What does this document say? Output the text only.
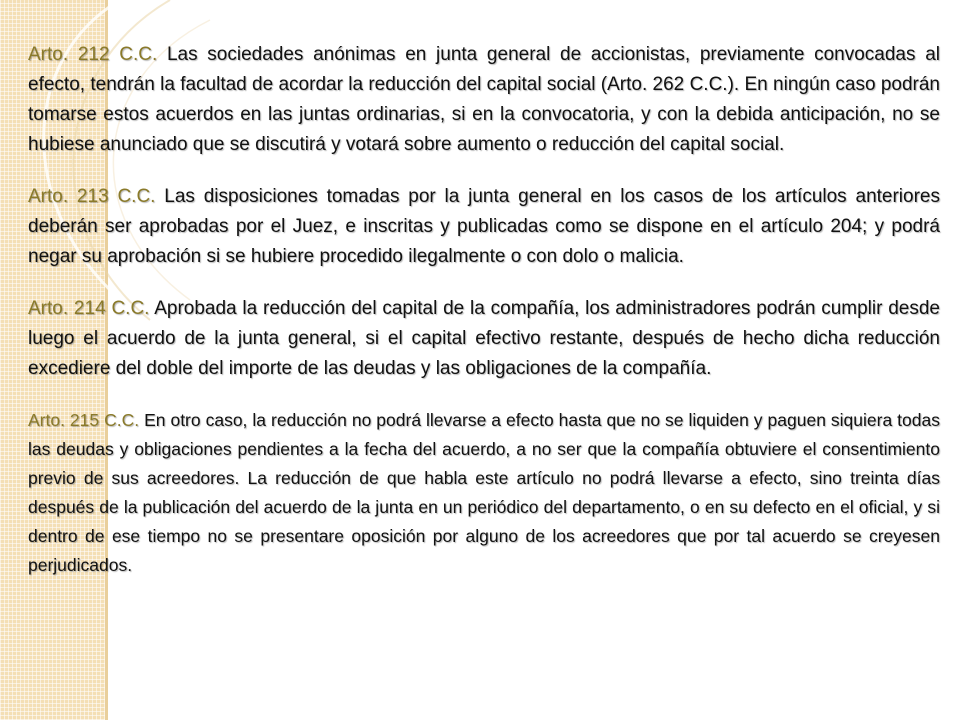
Arto. 212 C.C. Las sociedades anónimas en junta general de accionistas, previamente convocadas al efecto, tendrán la facultad de acordar la reducción del capital social (Arto. 262 C.C.). En ningún caso podrán tomarse estos acuerdos en las juntas ordinarias, si en la convocatoria, y con la debida anticipación, no se hubiese anunciado que se discutirá y votará sobre aumento o reducción del capital social.

Arto. 213 C.C. Las disposiciones tomadas por la junta general en los casos de los artículos anteriores deberán ser aprobadas por el Juez, e inscritas y publicadas como se dispone en el artículo 204; y podrá negar su aprobación si se hubiere procedido ilegalmente o con dolo o malicia.

Arto. 214 C.C. Aprobada la reducción del capital de la compañía, los administradores podrán cumplir desde luego el acuerdo de la junta general, si el capital efectivo restante, después de hecho dicha reducción excediere del doble del importe de las deudas y las obligaciones de la compañía.

Arto. 215 C.C. En otro caso, la reducción no podrá llevarse a efecto hasta que no se liquiden y paguen siquiera todas las deudas y obligaciones pendientes a la fecha del acuerdo, a no ser que la compañía obtuviere el consentimiento previo de sus acreedores. La reducción de que habla este artículo no podrá llevarse a efecto, sino treinta días después de la publicación del acuerdo de la junta en un periódico del departamento, o en su defecto en el oficial, y si dentro de ese tiempo no se presentare oposición por alguno de los acreedores que por tal acuerdo se creyesen perjudicados.
